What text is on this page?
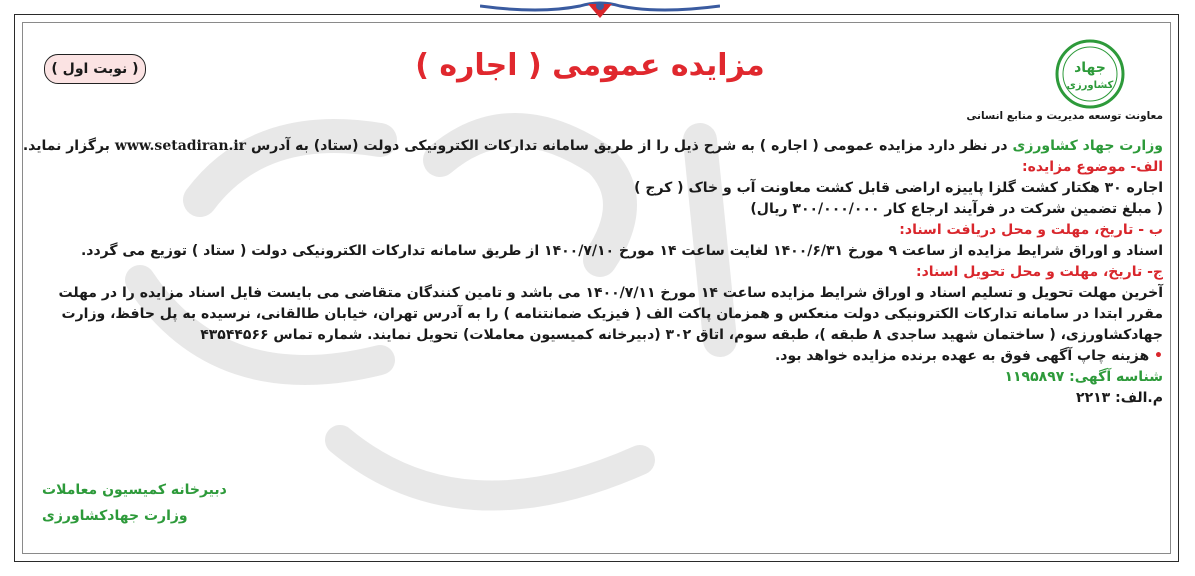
( نوبت اول )	مزایده عمومی ( اجاره )	جهاد
کشاورزی
معاونت توسعه مدیریت و منابع انسانی

وزارت جهاد کشاورزی در نظر دارد مزایده عمومی ( اجاره ) به شرح ذیل را از طریق سامانه تدارکات الکترونیکی دولت (ستاد) به آدرس www.setadiran.ir برگزار نماید.

الف- موضوع مزایده:

اجاره ۳۰ هکتار کشت گلزا پاییزه اراضی قابل کشت معاونت آب و خاک ( کرج )

( مبلغ تضمین شرکت در فرآیند ارجاع کار ۳۰۰/۰۰۰/۰۰۰ ریال)

ب - تاریخ، مهلت و محل دریافت اسناد:

اسناد و اوراق شرایط مزایده از ساعت ۹ مورخ ۱۴۰۰/۶/۳۱ لغایت ساعت ۱۴ مورخ ۱۴۰۰/۷/۱۰ از طریق سامانه تدارکات الکترونیکی دولت ( ستاد ) توزیع می گردد.

ج- تاریخ، مهلت و محل تحویل اسناد:

آخرین مهلت تحویل و تسلیم اسناد و اوراق شرایط مزایده ساعت ۱۴ مورخ ۱۴۰۰/۷/۱۱ می باشد و تامین کنندگان متقاضی می بایست فایل اسناد مزایده را در مهلت

مقرر ابتدا در سامانه تدارکات الکترونیکی دولت منعکس و همزمان پاکت الف ( فیزیک ضمانتنامه ) را به آدرس تهران، خیابان طالقانی، نرسیده به پل حافظ، وزارت

جهادکشاورزی، ( ساختمان شهید ساجدی ۸ طبقه )، طبقه سوم، اتاق ۳۰۲ (دبیرخانه کمیسیون معاملات) تحویل نمایند. شماره تماس ۴۳۵۴۴۵۶۶

• هزینه چاپ آگهی فوق به عهده برنده مزایده خواهد بود.

شناسه آگهی: ۱۱۹۵۸۹۷

م.الف: ۲۲۱۳

دبیرخانه کمیسیون معاملات
وزارت جهادکشاورزی
